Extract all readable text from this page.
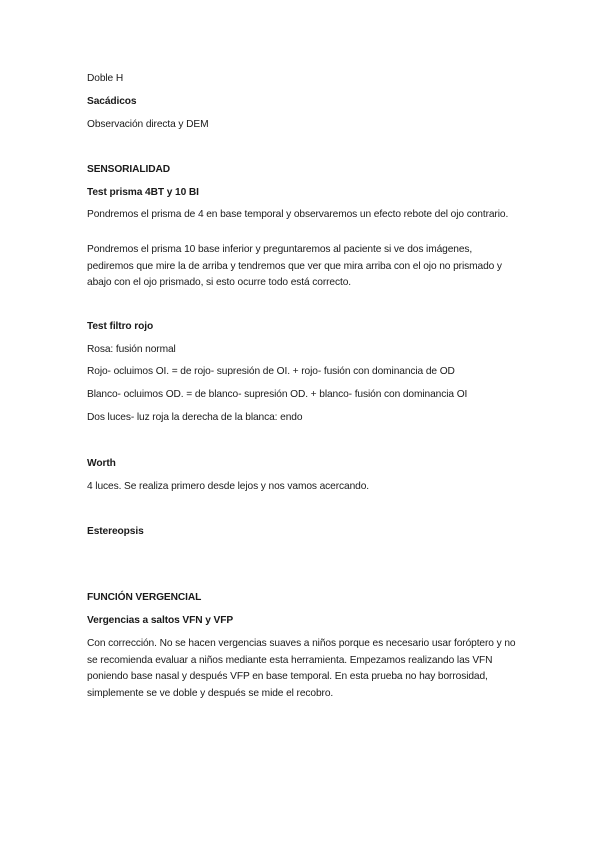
Doble H
Sacádicos
Observación directa y DEM
SENSORIALIDAD
Test prisma 4BT y 10 BI
Pondremos el prisma de 4 en base temporal y observaremos un efecto rebote del ojo contrario.
Pondremos el prisma 10 base inferior y preguntaremos al paciente si ve dos imágenes, pediremos que mire la de arriba y tendremos que ver que mira arriba con el ojo no prismado y abajo con el ojo prismado, si esto ocurre todo está correcto.
Test filtro rojo
Rosa: fusión normal
Rojo- ocluimos OI. = de rojo- supresión de OI. + rojo- fusión con dominancia de OD
Blanco- ocluimos OD. = de blanco- supresión OD. + blanco- fusión con dominancia OI
Dos luces- luz roja la derecha de la blanca: endo
Worth
4 luces. Se realiza primero desde lejos y nos vamos acercando.
Estereopsis
FUNCIÓN VERGENCIAL
Vergencias a saltos VFN y VFP
Con corrección. No se hacen vergencias suaves a niños porque es necesario usar foróptero y no se recomienda evaluar a niños mediante esta herramienta. Empezamos realizando las VFN poniendo base nasal y después VFP en base temporal. En esta prueba no hay borrosidad, simplemente se ve doble y después se mide el recobro.
